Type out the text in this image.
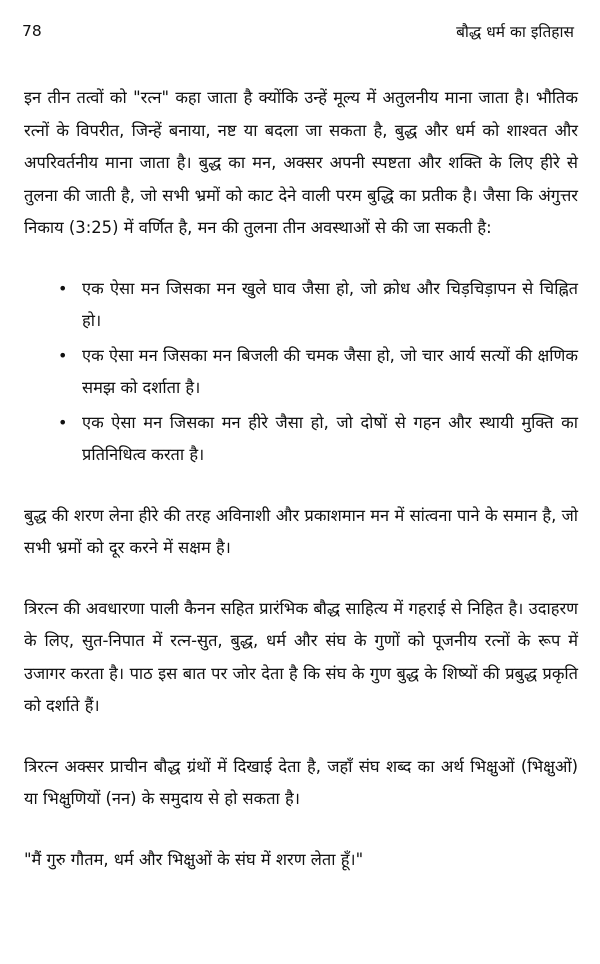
78	बौद्ध धर्म का इतिहास

इन तीन तत्वों को "रत्न" कहा जाता है क्योंकि उन्हें मूल्य में अतुलनीय माना जाता है। भौतिक रत्नों के विपरीत, जिन्हें बनाया, नष्ट या बदला जा सकता है, बुद्ध और धर्म को शाश्वत और अपरिवर्तनीय माना जाता है। बुद्ध का मन, अक्सर अपनी स्पष्टता और शक्ति के लिए हीरे से तुलना की जाती है, जो सभी भ्रमों को काट देने वाली परम बुद्धि का प्रतीक है। जैसा कि अंगुत्तर निकाय (3:25) में वर्णित है, मन की तुलना तीन अवस्थाओं से की जा सकती है:

• एक ऐसा मन जिसका मन खुले घाव जैसा हो, जो क्रोध और चिड़चिड़ापन से चिह्नित हो।
• एक ऐसा मन जिसका मन बिजली की चमक जैसा हो, जो चार आर्य सत्यों की क्षणिक समझ को दर्शाता है।
• एक ऐसा मन जिसका मन हीरे जैसा हो, जो दोषों से गहन और स्थायी मुक्ति का प्रतिनिधित्व करता है।

बुद्ध की शरण लेना हीरे की तरह अविनाशी और प्रकाशमान मन में सांत्वना पाने के समान है, जो सभी भ्रमों को दूर करने में सक्षम है।

त्रिरत्न की अवधारणा पाली कैनन सहित प्रारंभिक बौद्ध साहित्य में गहराई से निहित है। उदाहरण के लिए, सुत-निपात में रत्न-सुत, बुद्ध, धर्म और संघ के गुणों को पूजनीय रत्नों के रूप में उजागर करता है। पाठ इस बात पर जोर देता है कि संघ के गुण बुद्ध के शिष्यों की प्रबुद्ध प्रकृति को दर्शाते हैं।

त्रिरत्न अक्सर प्राचीन बौद्ध ग्रंथों में दिखाई देता है, जहाँ संघ शब्द का अर्थ भिक्षुओं (भिक्षुओं) या भिक्षुणियों (नन) के समुदाय से हो सकता है।

"मैं गुरु गौतम, धर्म और भिक्षुओं के संघ में शरण लेता हूँ।"
